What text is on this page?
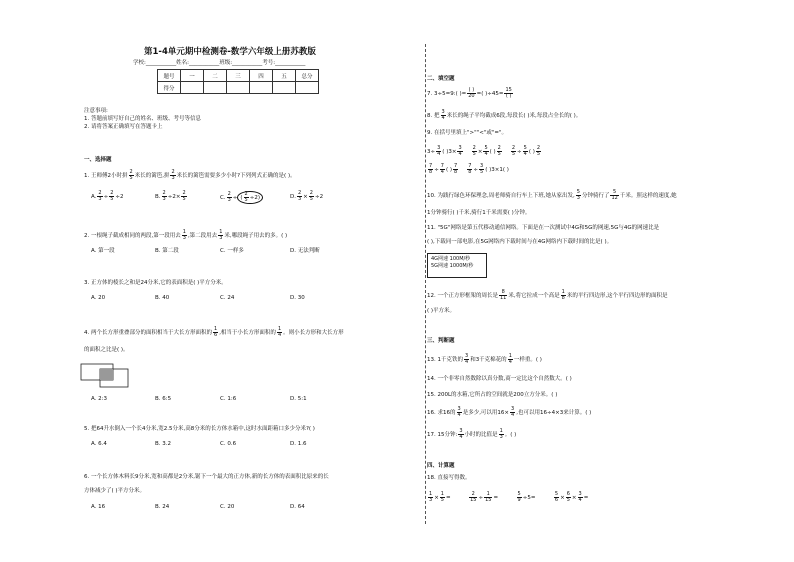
第1-4单元期中检测卷-数学六年级上册苏教版
学校:___________姓名:___________班级:___________考号:___________
题号	一	二	三	四	五	总分
得分						
注意事项:
1. 答题前填写好自己的姓名、班级、考号等信息
2. 请将答案正确填写在答题卡上
一、选择题
1. 王师傅2小时拼 $\frac{2}{5}$ 米长的篱笆,拼 $\frac{2}{3}$ 米长的篱笆需要多少小时?下列列式正确的是( )。
A. $\frac{2}{3} \div \frac{2}{5} \div 2$	B. $\frac{2}{3} \div 2\times \frac{2}{5}$	C. $\frac{2}{3}$ ÷ ( $\frac{2}{5} \div 2$)	D. $\frac{2}{3} \times \frac{2}{5} \div 2$
2. 一根绳子截成相同的两段,第一段用去 $\frac{1}{3}$ ,第二段用去 $\frac{1}{3}$ 米,哪段绳子用去的多。( )
A. 第一段	B. 第二段	C. 一样多	D. 无法判断
3. 正方体的棱长之和是24分米,它的表面积是( )平方分米。
A. 20	B. 40	C. 24	D. 30
4. 两个长方形重叠部分的面积相当于大长方形面积的 $\frac{1}{6}$ ,相当于小长方形面积的 $\frac{1}{4}$ 。则小长方形和大长方形
的面积之比是( )。
A. 2:3	B. 6:5	C. 1:6	D. 5:1
5. 把64升水倒入一个长4分米,宽2.5分米,高8分米的长方体水箱中,这时水面距箱口多少分米?( )
A. 6.4	B. 3.2	C. 0.6	D. 1.6
6. 一个长方体木料长9分米,宽和高都是2分米,锯下一个最大的正方体,新的长方体的表面积比原来的长
方体减少了( )平方分米。
A. 16	B. 24	C. 20	D. 64
二、填空题
7. 3÷5=9:( )= $\frac{( )}{20}$ =( )$\div 45= \frac{15}{( )}$
8. 把 $\frac{3}{4}$ 米长的绳子平均截成6段,每段长( )米,每段占全长的( )。
9. 在括号里填上">""<"或"="。
$3\div \frac{3}{4}$ ( )$3\times \frac{3}{4}$
$\frac{2}{5} \times \frac{5}{4}$ ( ) $\frac{2}{5}$
$\frac{2}{5} \div \frac{5}{4}$ ( ) $\frac{2}{5}$
$\frac{7}{8} \div \frac{7}{4}$ ( ) $\frac{7}{8}$
$\frac{7}{8} \div \frac{3}{5}$ ( )3×1( )
10. 为践行绿色环保理念,周老师骑自行车上下班,她从家出发, $\frac{5}{3}$ 分钟骑行了 $\frac{5}{12}$ 千米。照这样的速度,她
1分钟骑行( )千米,骑行1千米需要( )分钟。
11. "5G"网络是第五代移动通信网络。下面是在一次测试中4G和5G的网速,5G与4G的网速比是
( ),下载同一部电影,在5G网络内下载时间与在4G网络内下载时间的比是( )。
4G网速 100M/秒
5G网速 1000M/秒
12. 一个正方形框架的周长是 $\frac{8}{11}$ 米,将它拉成一个高是 $\frac{1}{8}$ 米的平行四边形,这个平行四边形的面积是
( )平方米。
三、判断题
13. 1千克铁的 $\frac{3}{4}$ 和3千克棉花的 $\frac{1}{4}$ 一样重。( )
14. 一个非零自然数除以真分数,商一定比这个自然数大。( )
15. 200L的水箱,它所占的空间就是200立方分米。( )
16. 求16的 $\frac{3}{4}$ 是多少,可以用$16\times \frac{3}{4}$ ,也可以用16÷4×3来计算。( )
17. 15分钟: $\frac{3}{4}$ 小时的比值是 $\frac{1}{3}$ 。( )
四、计算题
18. 直接写得数。
$\frac{1}{3} \times \frac{1}{5} = \frac{2}{15} \div \frac{1}{15} = \frac{5}{9} \div 5= \frac{5}{6} \times \frac{6}{5} \times \frac{3}{4}$ =
